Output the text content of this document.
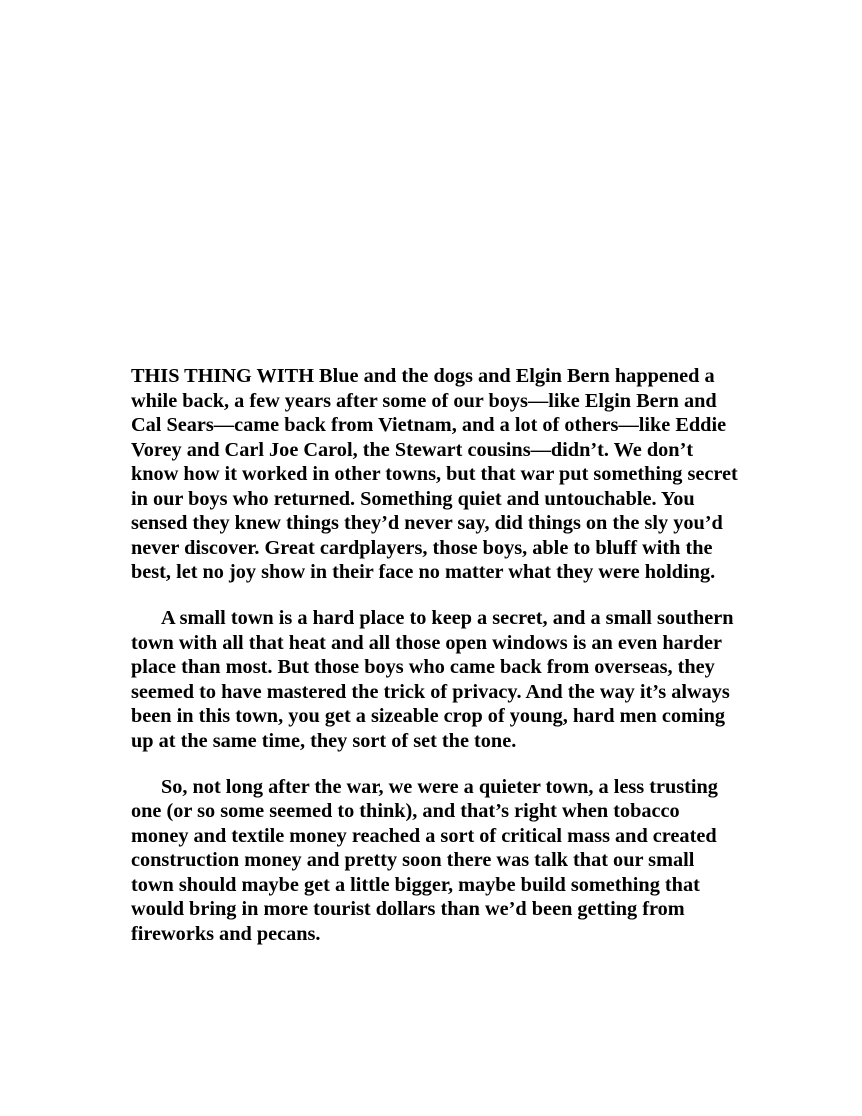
THIS THING WITH Blue and the dogs and Elgin Bern happened a while back, a few years after some of our boys—like Elgin Bern and Cal Sears—came back from Vietnam, and a lot of others—like Eddie Vorey and Carl Joe Carol, the Stewart cousins—didn’t. We don’t know how it worked in other towns, but that war put something secret in our boys who returned. Something quiet and untouchable. You sensed they knew things they’d never say, did things on the sly you’d never discover. Great cardplayers, those boys, able to bluff with the best, let no joy show in their face no matter what they were holding.

A small town is a hard place to keep a secret, and a small southern town with all that heat and all those open windows is an even harder place than most. But those boys who came back from overseas, they seemed to have mastered the trick of privacy. And the way it’s always been in this town, you get a sizeable crop of young, hard men coming up at the same time, they sort of set the tone.

So, not long after the war, we were a quieter town, a less trusting one (or so some seemed to think), and that’s right when tobacco money and textile money reached a sort of critical mass and created construction money and pretty soon there was talk that our small town should maybe get a little bigger, maybe build something that would bring in more tourist dollars than we’d been getting from fireworks and pecans.
